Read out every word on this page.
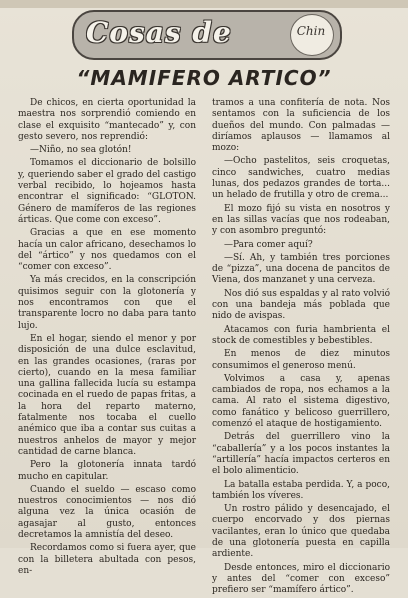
Cosas de	Chin
“MAMIFERO ARTICO”

De chicos, en cierta oportunidad la maestra nos sorprendió comiendo en clase el exquisito “mantecado” y, con gesto severo, nos reprendió:

—Niño, no sea glotón!

Tomamos el diccionario de bolsillo y, queriendo saber el grado del castigo verbal recibido, lo hojeamos hasta encontrar el significado: “GLOTON. Género de mamíferos de las regiones árticas. Que come con exceso”.

Gracias a que en ese momento hacía un calor africano, desechamos lo del “ártico” y nos quedamos con el “comer con exceso”.

Ya más crecidos, en la conscripción quisimos seguir con la glotonería y nos encontramos con que el transparente locro no daba para tanto lujo.

En el hogar, siendo el menor y por disposición de una dulce esclavitud, en las grandes ocasiones, (raras por cierto), cuando en la mesa familiar una gallina fallecida lucía su estampa cocinada en el ruedo de papas fritas, a la hora del reparto materno, fatalmente nos tocaba el cuello anémico que iba a contar sus cuitas a nuestros anhelos de mayor y mejor cantidad de carne blanca.

Pero la glotonería innata tardó mucho en capitular.

Cuando el sueldo — escaso como nuestros conocimientos — nos dió alguna vez la única ocasión de agasajar al gusto, entonces decretamos la amnistía del deseo.

Recordamos como si fuera ayer, que con la billetera abultada con pesos, en-

tramos a una confitería de nota. Nos sentamos con la suficiencia de los dueños del mundo. Con palmadas — diríamos aplausos — llamamos al mozo:

—Ocho pastelitos, seis croquetas, cinco sandwiches, cuatro medias lunas, dos pedazos grandes de torta... un helado de frutilla y otro de crema...

El mozo fijó su vista en nosotros y en las sillas vacías que nos rodeaban, y con asombro preguntó:

—Para comer aquí?

—Sí. Ah, y también tres porciones de “pizza”, una docena de pancitos de Viena, dos manzanet y una cerveza.

Nos dió sus espaldas y al rato volvió con una bandeja más poblada que nido de avispas.

Atacamos con furia hambrienta el stock de comestibles y bebestibles.

En menos de diez minutos consumimos el generoso menú.

Volvimos a casa y, apenas cambiados de ropa, nos echamos a la cama. Al rato el sistema digestivo, como fanático y belicoso guerrillero, comenzó el ataque de hostigamiento.

Detrás del guerrillero vino la “caballería” y a los pocos instantes la “artillería” hacía impactos certeros en el bolo alimenticio.

La batalla estaba perdida. Y, a poco, también los víveres.

Un rostro pálido y desencajado, el cuerpo encorvado y dos piernas vacilantes, eran lo único que quedaba de una glotonería puesta en capilla ardiente.

Desde entonces, miro el diccionario y antes del “comer con exceso” prefiero ser “mamífero ártico”.
